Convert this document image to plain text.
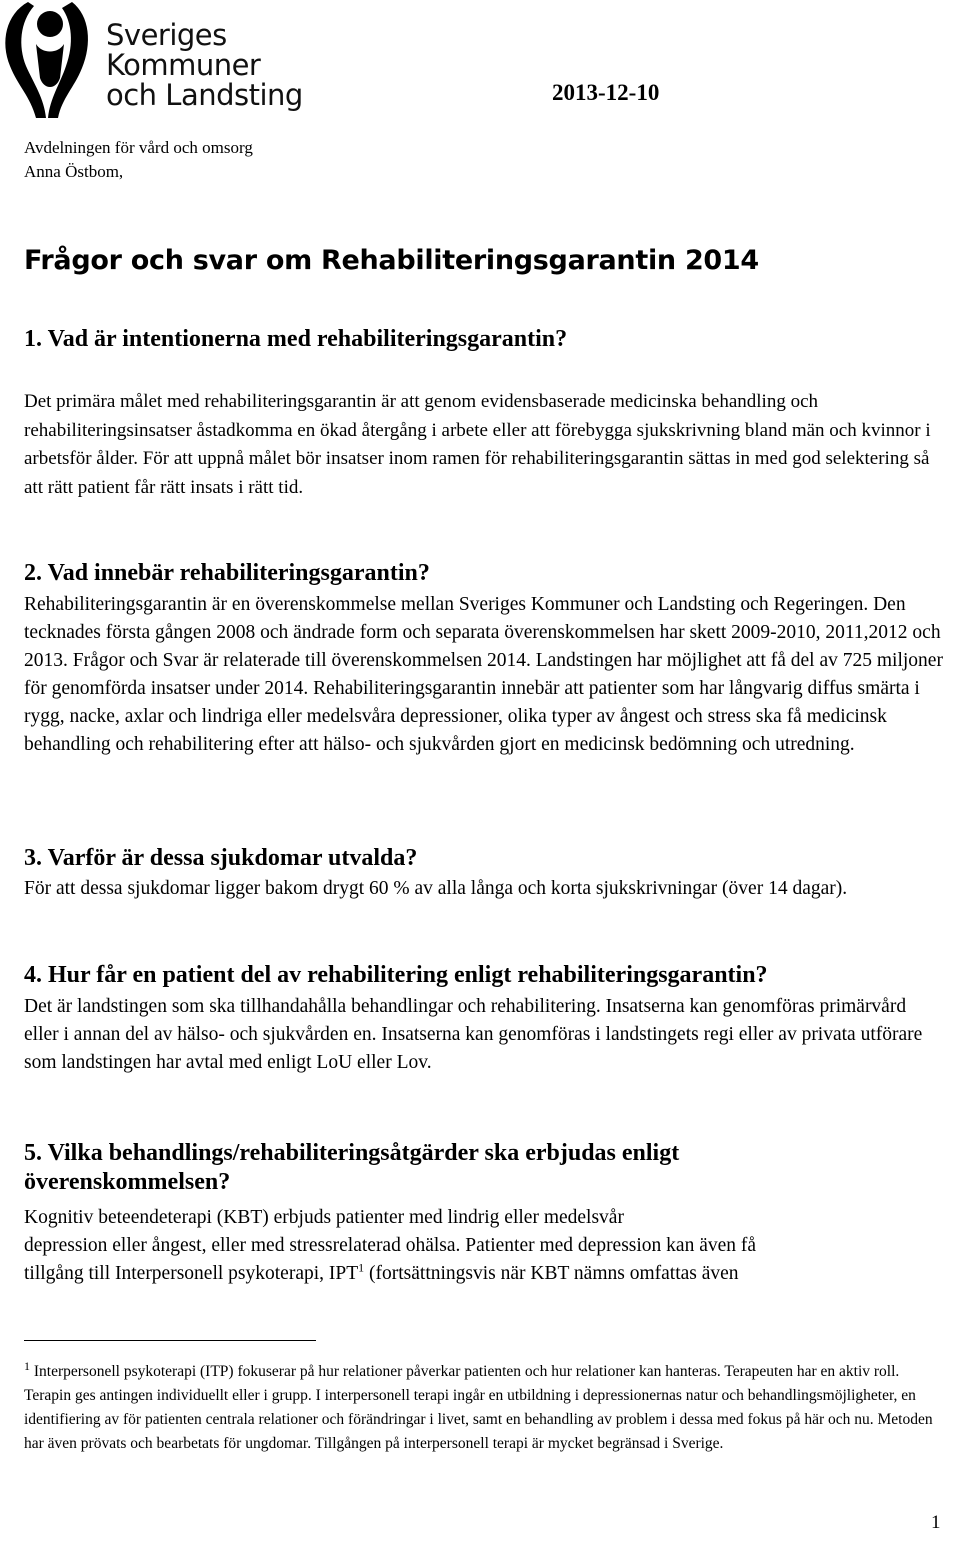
Sveriges
Kommuner
och Landsting	2013-12-10
Avdelningen för vård och omsorg
Anna Östbom,
Frågor och svar om Rehabiliteringsgarantin 2014
1. Vad är intentionerna med rehabiliteringsgarantin?
Det primära målet med rehabiliteringsgarantin är att genom evidensbaserade medicinska behandling och rehabiliteringsinsatser åstadkomma en ökad återgång i arbete eller att förebygga sjukskrivning bland män och kvinnor i arbetsför ålder. För att uppnå målet bör insatser inom ramen för rehabiliteringsgarantin sättas in med god selektering så att rätt patient får rätt insats i rätt tid.
2. Vad innebär rehabiliteringsgarantin?
Rehabiliteringsgarantin är en överenskommelse mellan Sveriges Kommuner och Landsting och Regeringen. Den tecknades första gången 2008 och ändrade form och separata överenskommelsen har skett 2009-2010, 2011,2012 och 2013. Frågor och Svar är relaterade till överenskommelsen 2014. Landstingen har möjlighet att få del av 725 miljoner för genomförda insatser under 2014. Rehabiliteringsgarantin innebär att patienter som har långvarig diffus smärta i rygg, nacke, axlar och lindriga eller medelsvåra depressioner, olika typer av ångest och stress ska få medicinsk behandling och rehabilitering efter att hälso- och sjukvården gjort en medicinsk bedömning och utredning.
3. Varför är dessa sjukdomar utvalda?
För att dessa sjukdomar ligger bakom drygt 60 % av alla långa och korta sjukskrivningar (över 14 dagar).
4. Hur får en patient del av rehabilitering enligt rehabiliteringsgarantin?
Det är landstingen som ska tillhandahålla behandlingar och rehabilitering. Insatserna kan genomföras primärvård eller i annan del av hälso- och sjukvården en. Insatserna kan genomföras i landstingets regi eller av privata utförare som landstingen har avtal med enligt LoU eller Lov.
5. Vilka behandlings/rehabiliteringsåtgärder ska erbjudas enligt
överenskommelsen?
Kognitiv beteendeterapi (KBT) erbjuds patienter med lindrig eller medelsvår
depression eller ångest, eller med stressrelaterad ohälsa. Patienter med depression kan även få
tillgång till Interpersonell psykoterapi, IPT$^1$ (fortsättningsvis när KBT nämns omfattas även
$^1$ Interpersonell psykoterapi (ITP) fokuserar på hur relationer påverkar patienten och hur relationer kan hanteras. Terapeuten har en aktiv roll. Terapin ges antingen individuellt eller i grupp. I interpersonell terapi ingår en utbildning i depressionernas natur och behandlingsmöjligheter, en identifiering av för patienten centrala relationer och förändringar i livet, samt en behandling av problem i dessa med fokus på här och nu. Metoden har även prövats och bearbetats för ungdomar. Tillgången på interpersonell terapi är mycket begränsad i Sverige.
1
